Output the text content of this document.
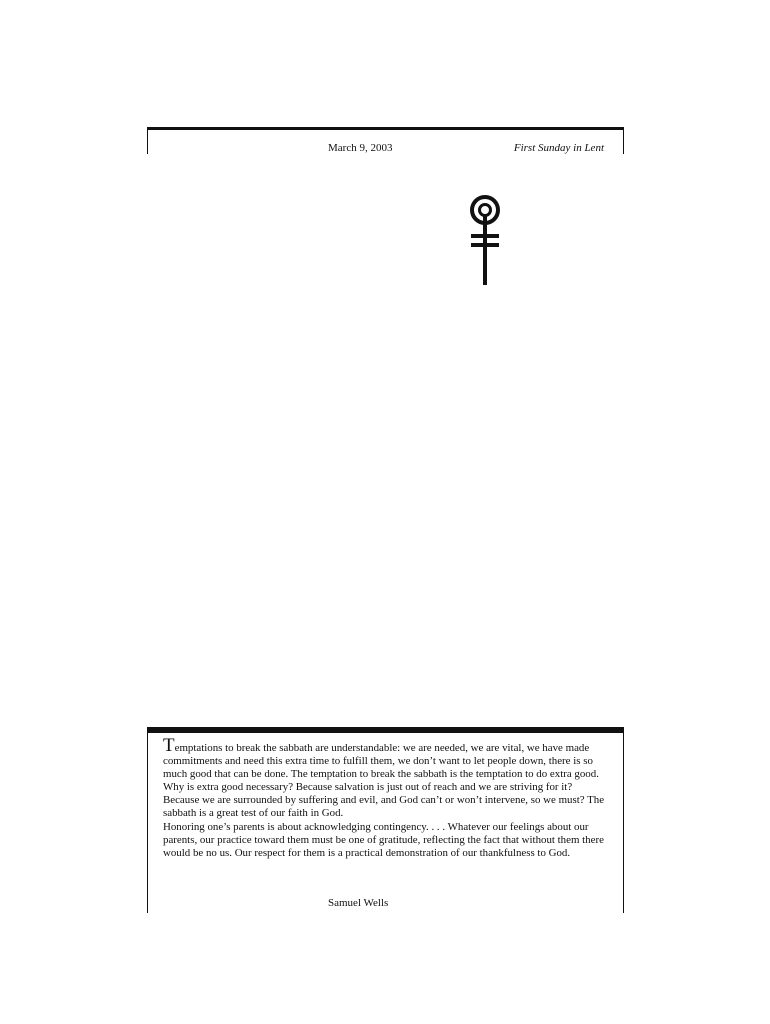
March 9, 2003	First Sunday in Lent

Temptations to break the sabbath are understandable: we are needed, we are vital, we have made commitments and need this extra time to fulfill them, we don’t want to let people down, there is so much good that can be done. The temptation to break the sabbath is the temptation to do extra good. Why is extra good necessary? Because salvation is just out of reach and we are striving for it? Because we are surrounded by suffering and evil, and God can’t or won’t intervene, so we must? The sabbath is a great test of our faith in God.

Honoring one’s parents is about acknowledging contingency. . . . Whatever our feelings about our parents, our practice toward them must be one of gratitude, reflecting the fact that without them there would be no us. Our respect for them is a practical demonstration of our thankfulness to God.

Samuel Wells
